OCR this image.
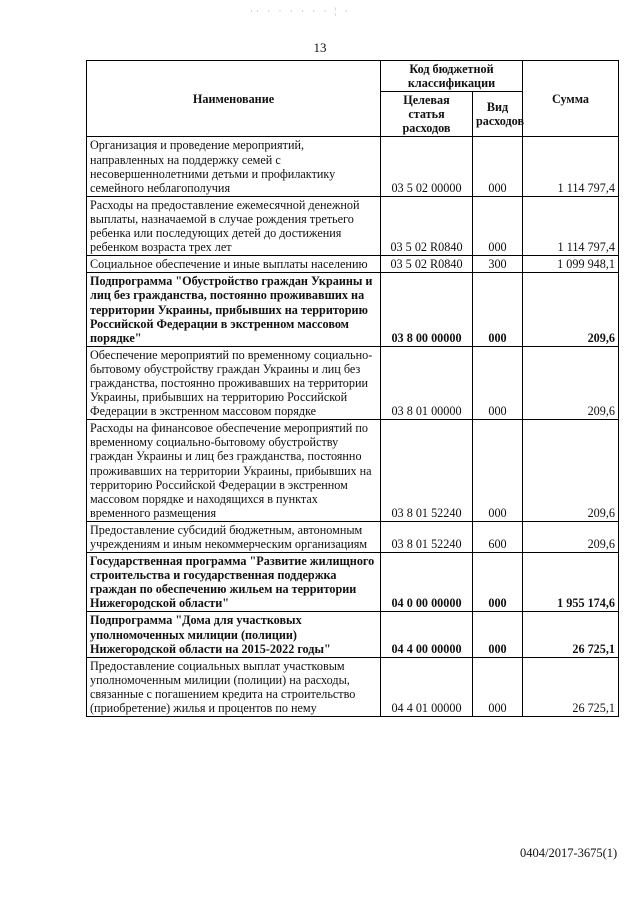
·· · · · · · · ¦ ·
13
Наименование	Код бюджетной классификации		Сумма
	Целевая статья расходов	Вид расходов	
Организация и проведение мероприятий, направленных на поддержку семей с несовершеннолетними детьми и профилактику семейного неблагополучия	03 5 02 00000	000	1 114 797,4
Расходы на предоставление ежемесячной денежной выплаты, назначаемой в случае рождения третьего ребенка или последующих детей до достижения ребенком возраста трех лет	03 5 02 R0840	000	1 114 797,4
Социальное обеспечение и иные выплаты населению	03 5 02 R0840	300	1 099 948,1
Подпрограмма "Обустройство граждан Украины и лиц без гражданства, постоянно проживавших на территории Украины, прибывших на территорию Российской Федерации в экстренном массовом порядке"	03 8 00 00000	000	209,6
Обеспечение мероприятий по временному социально-бытовому обустройству граждан Украины и лиц без гражданства, постоянно проживавших на территории Украины, прибывших на территорию Российской Федерации в экстренном массовом порядке	03 8 01 00000	000	209,6
Расходы на финансовое обеспечение мероприятий по временному социально-бытовому обустройству граждан Украины и лиц без гражданства, постоянно проживавших на территории Украины, прибывших на территорию Российской Федерации в экстренном массовом порядке и находящихся в пунктах временного размещения	03 8 01 52240	000	209,6
Предоставление субсидий бюджетным, автономным учреждениям и иным некоммерческим организациям	03 8 01 52240	600	209,6
Государственная программа "Развитие жилищного строительства и государственная поддержка граждан по обеспечению жильем на территории Нижегородской области"	04 0 00 00000	000	1 955 174,6
Подпрограмма "Дома для участковых уполномоченных милиции (полиции) Нижегородской области на 2015-2022 годы"	04 4 00 00000	000	26 725,1
Предоставление социальных выплат участковым уполномоченным милиции (полиции) на расходы, связанные с погашением кредита на строительство (приобретение) жилья и процентов по нему	04 4 01 00000	000	26 725,1
0404/2017-3675(1)
